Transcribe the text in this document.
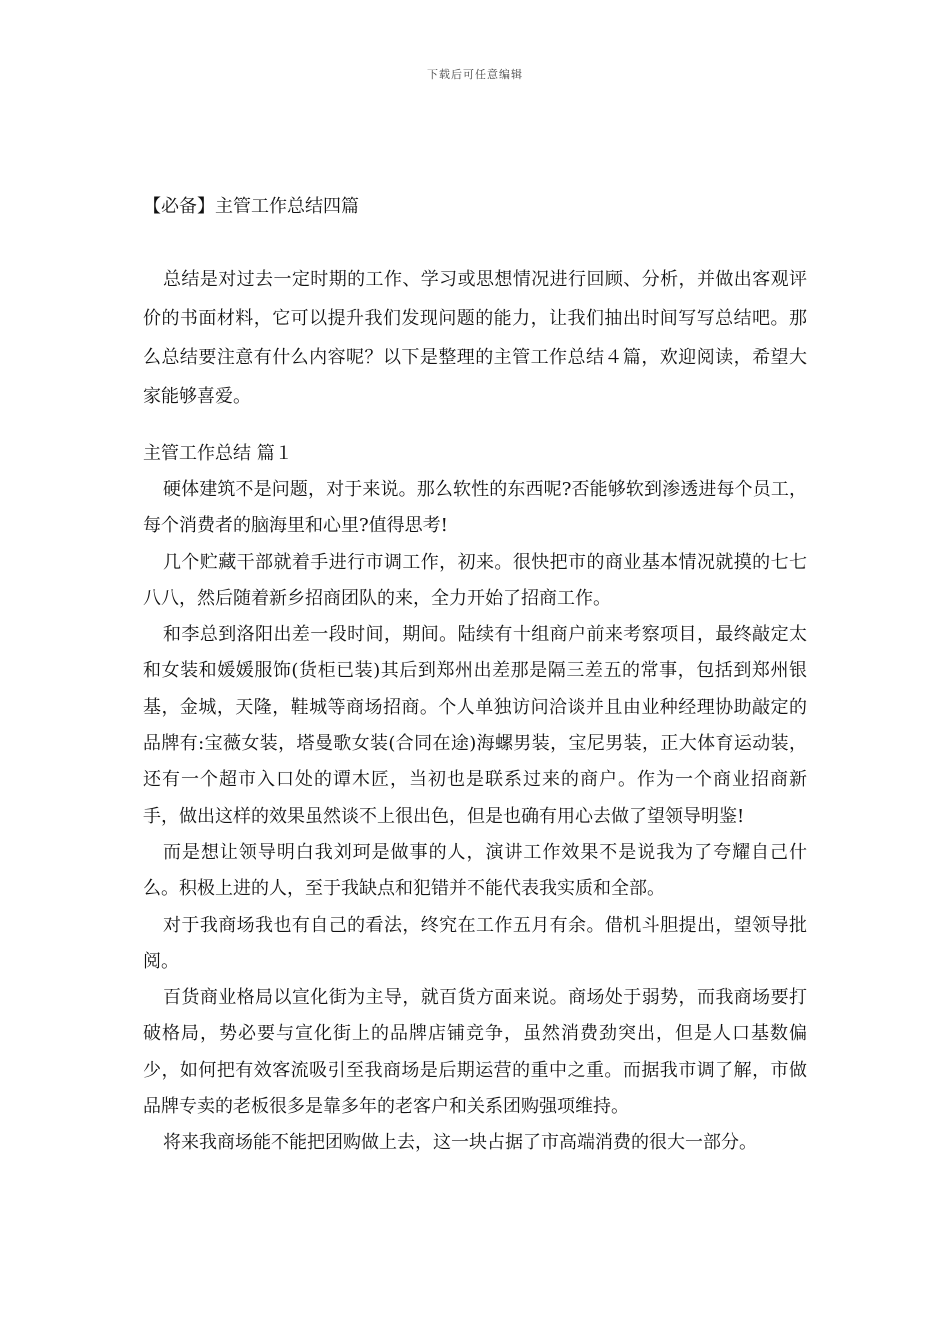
下载后可任意编辑
【必备】主管工作总结四篇

总结是对过去一定时期的工作、学习或思想情况进行回顾、分析，并做出客观评价的书面材料，它可以提升我们发现问题的能力，让我们抽出时间写写总结吧。那么总结要注意有什么内容呢？以下是整理的主管工作总结４篇，欢迎阅读，希望大家能够喜爱。

主管工作总结 篇１

硬体建筑不是问题，对于来说。那么软性的东西呢?否能够软到渗透进每个员工，每个消费者的脑海里和心里?值得思考!

几个贮藏干部就着手进行市调工作，初来。很快把市的商业基本情况就摸的七七八八，然后随着新乡招商团队的来，全力开始了招商工作。

和李总到洛阳出差一段时间，期间。陆续有十组商户前来考察项目，最终敲定太和女装和媛媛服饰(货柜已装)其后到郑州出差那是隔三差五的常事，包括到郑州银基，金城，天隆，鞋城等商场招商。个人单独访问洽谈并且由业种经理协助敲定的品牌有:宝薇女装，塔曼歌女装(合同在途)海螺男装，宝尼男装，正大体育运动装，还有一个超市入口处的谭木匠，当初也是联系过来的商户。作为一个商业招商新手，做出这样的效果虽然谈不上很出色，但是也确有用心去做了望领导明鉴!

而是想让领导明白我刘珂是做事的人，演讲工作效果不是说我为了夸耀自己什么。积极上进的人，至于我缺点和犯错并不能代表我实质和全部。

对于我商场我也有自己的看法，终究在工作五月有余。借机斗胆提出，望领导批阅。

百货商业格局以宣化街为主导，就百货方面来说。商场处于弱势，而我商场要打破格局，势必要与宣化街上的品牌店铺竞争，虽然消费劲突出，但是人口基数偏少，如何把有效客流吸引至我商场是后期运营的重中之重。而据我市调了解，市做品牌专卖的老板很多是靠多年的老客户和关系团购强项维持。

将来我商场能不能把团购做上去，这一块占据了市高端消费的很大一部分。
